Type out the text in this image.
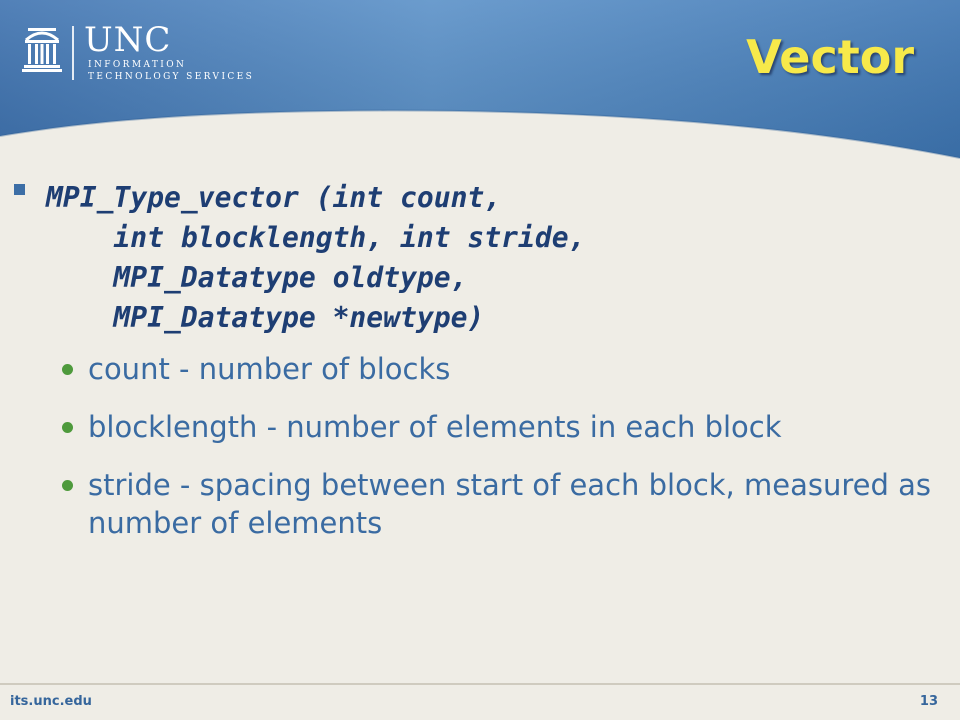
UNC
INFORMATION
TECHNOLOGY SERVICES	Vector
MPI_Type_vector (int count,
int blocklength, int stride,
MPI_Datatype oldtype,
MPI_Datatype *newtype)
count - number of blocks
blocklength - number of elements in each block
stride - spacing between start of each block, measured as number of elements
its.unc.edu	13
